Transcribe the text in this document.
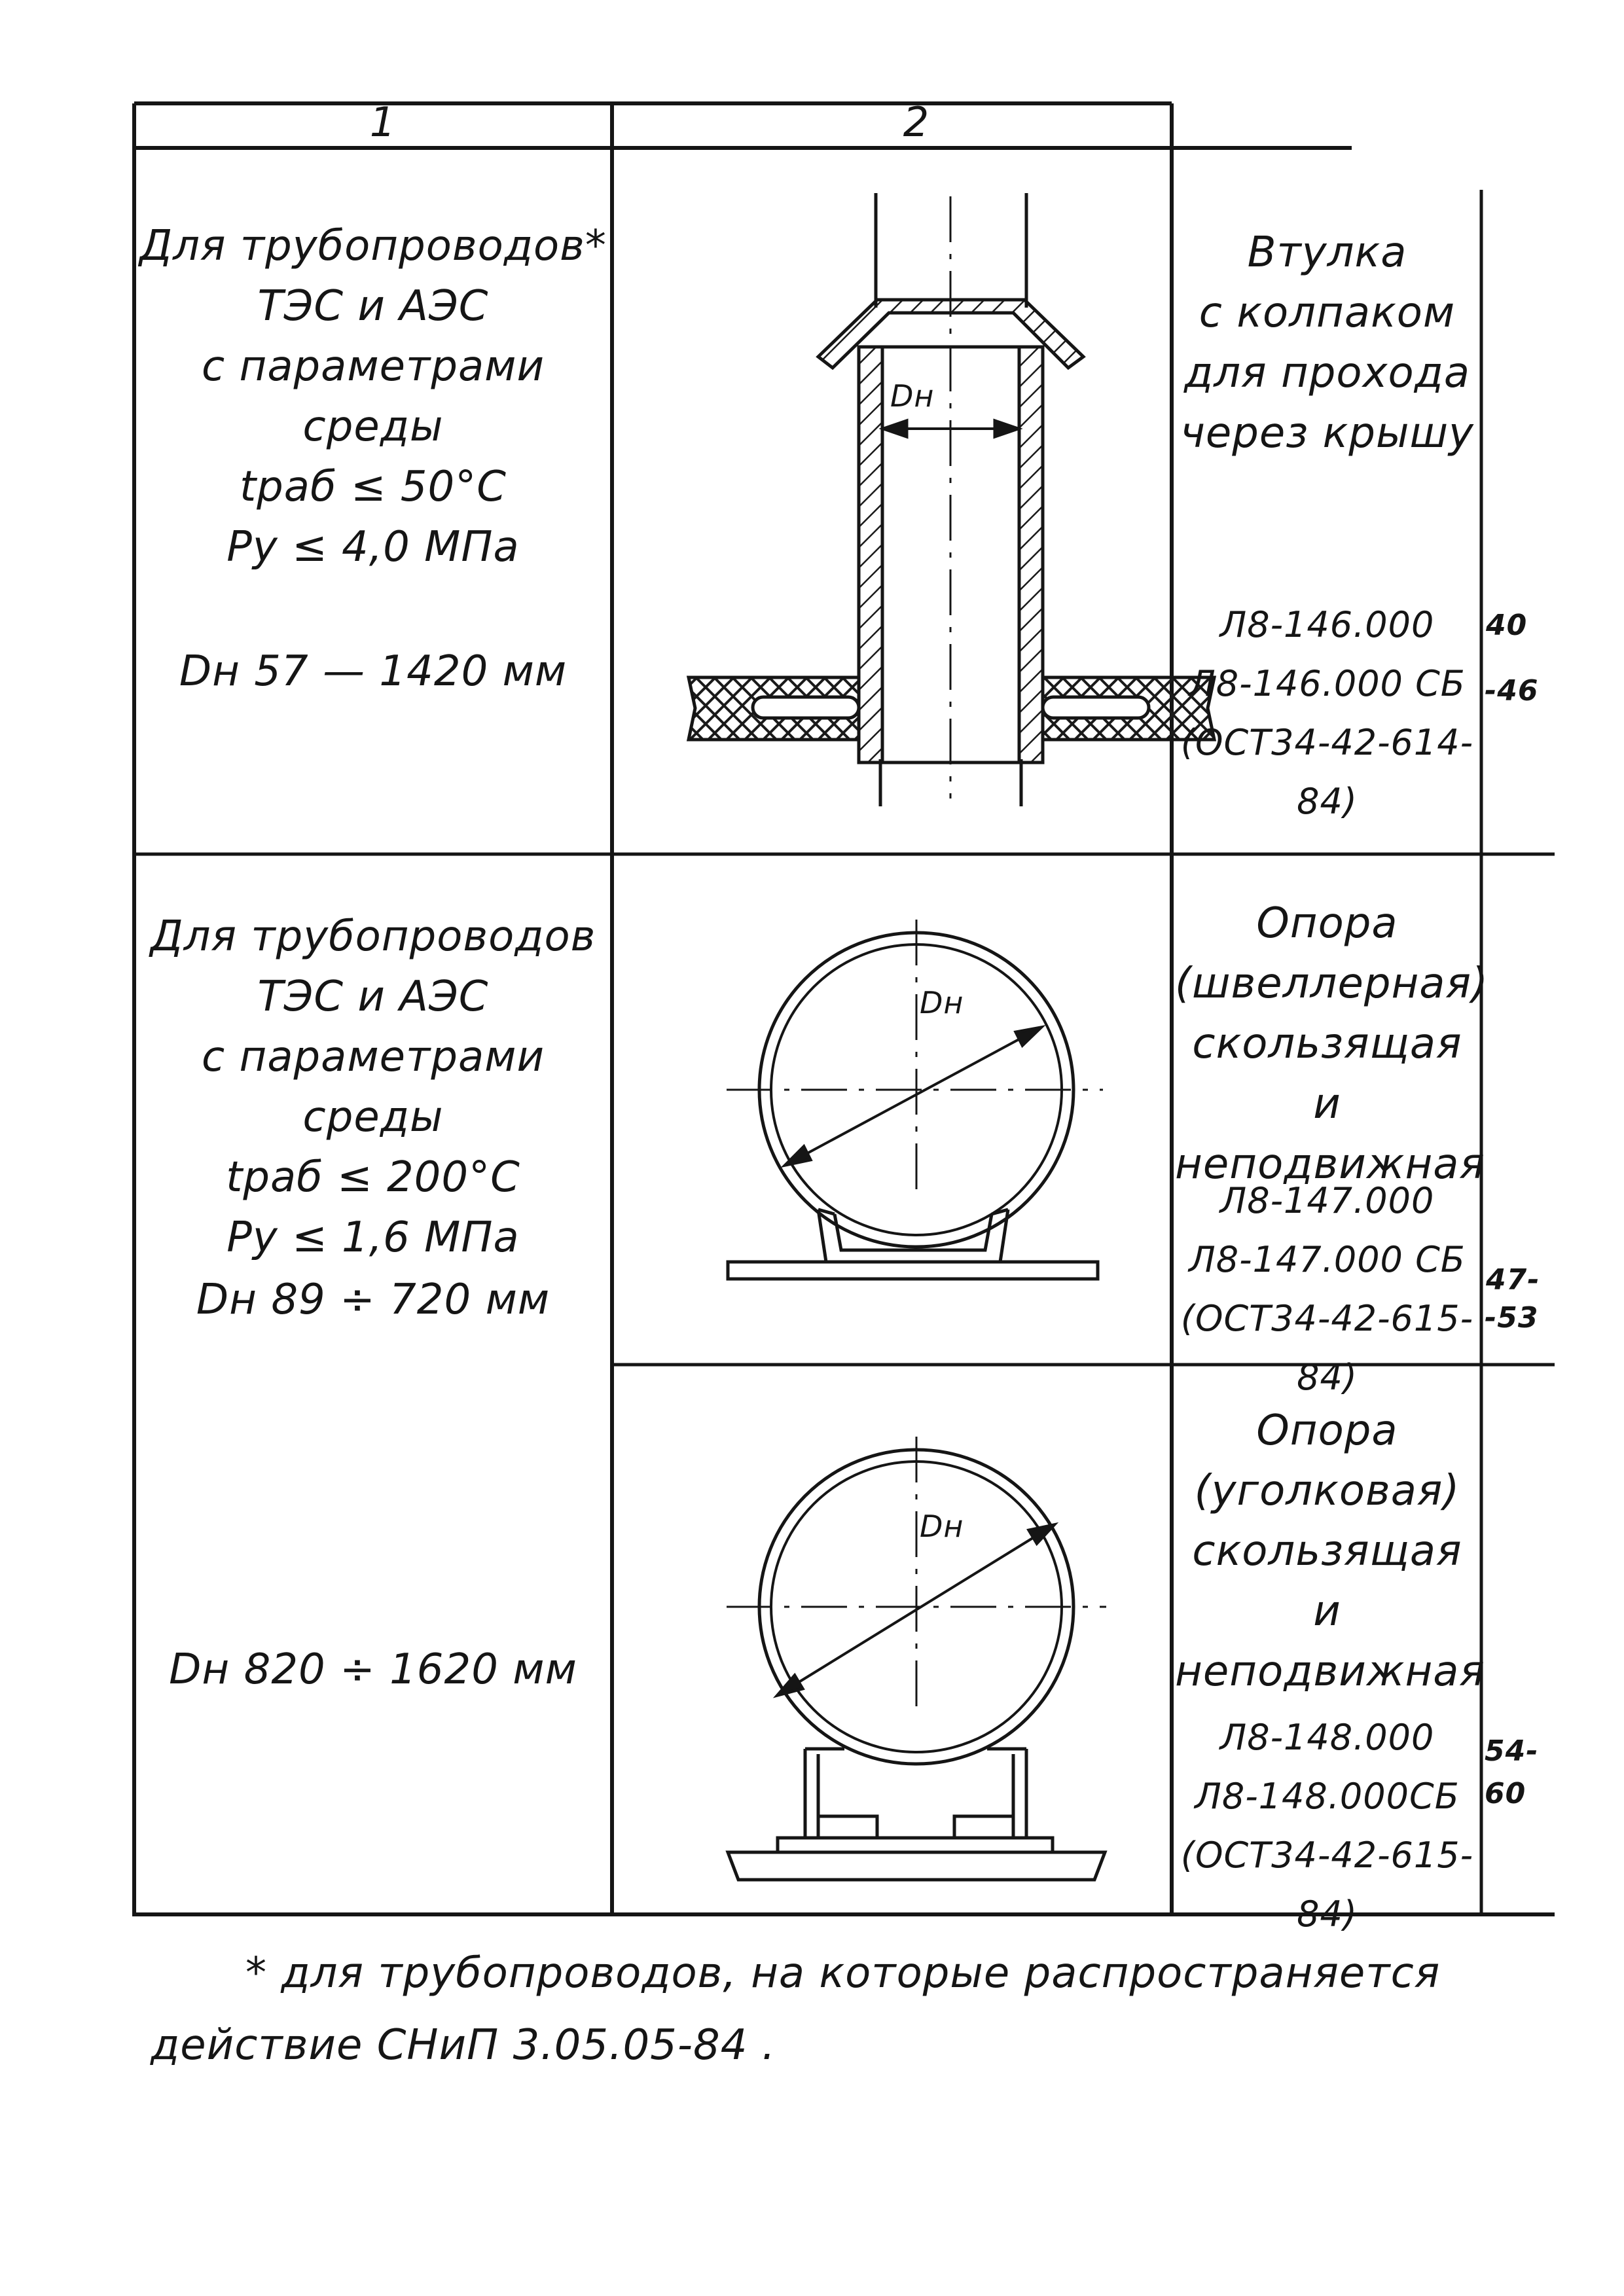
1	2
Для трубопроводов*
ТЭС и АЭС
с параметрами среды
tраб ≤ 50°C
Py ≤ 4,0 МПа
Dн 57 — 1420 мм
Dн
Втулка
с колпаком
для прохода
через крышу
Л8-146.000
Л8-146.000 СБ
(ОСТ34-42-614-84)
40
-46
Для трубопроводов
ТЭС и АЭС
с параметрами среды
tраб ≤ 200°C
Py ≤ 1,6 МПа
Dн 89 ÷ 720 мм
Dн
Опора
(швеллерная)
скользящая
и неподвижная
Л8-147.000
Л8-147.000 СБ
(ОСТ34-42-615-84)
47-
-53
Dн 820 ÷ 1620 мм
Dн
Опора
(уголковая)
скользящая
и неподвижная
Л8-148.000
Л8-148.000СБ
(ОСТ34-42-615-84)
54-
60
* для трубопроводов, на которые распространяется
действие СНиП 3.05.05-84 .
